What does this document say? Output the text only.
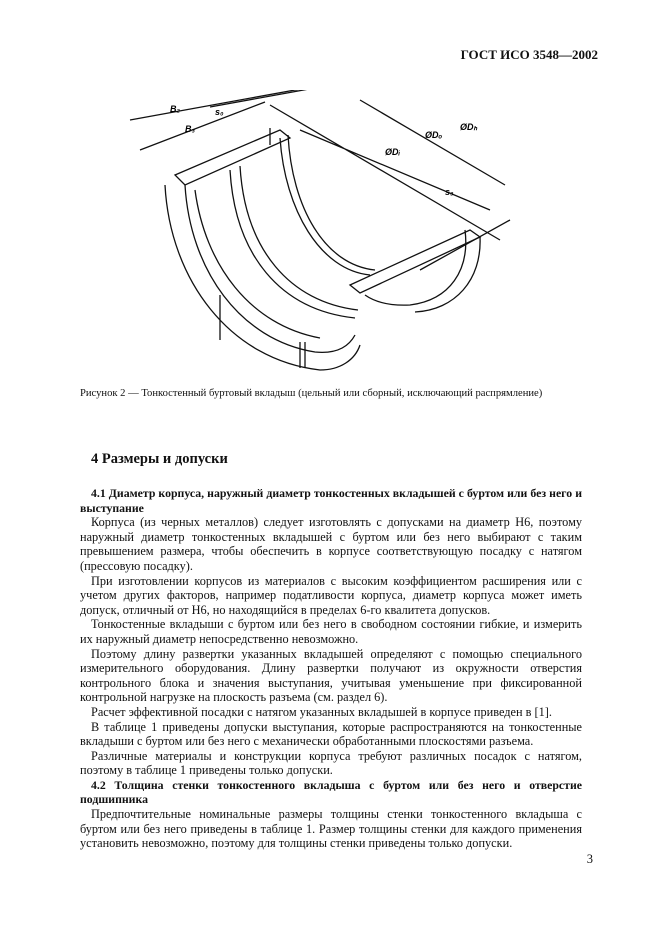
ГОСТ ИСО 3548—2002
B₂	s₀
B₃
ØDᵢ
ØDₒ
ØDₕ
s₃
Рисунок 2 — Тонкостенный буртовый вкладыш (цельный или сборный, исключающий распрямление)
4 Размеры и допуски

4.1 Диаметр корпуса, наружный диаметр тонкостенных вкладышей с буртом или без него и выступание

Корпуса (из черных металлов) следует изготовлять с допусками на диаметр H6, поэтому наружный диаметр тонкостенных вкладышей с буртом или без него выбирают с таким превышением размера, чтобы обеспечить в корпусе соответствующую посадку с натягом (прессовую посадку).

При изготовлении корпусов из материалов с высоким коэффициентом расширения или с учетом других факторов, например податливости корпуса, диаметр корпуса может иметь допуск, отличный от H6, но находящийся в пределах 6-го квалитета допусков.

Тонкостенные вкладыши с буртом или без него в свободном состоянии гибкие, и измерить их наружный диаметр непосредственно невозможно.

Поэтому длину развертки указанных вкладышей определяют с помощью специального измерительного оборудования. Длину развертки получают из окружности отверстия контрольного блока и значения выступания, учитывая уменьшение при фиксированной контрольной нагрузке на плоскость разъема (см. раздел 6).

Расчет эффективной посадки с натягом указанных вкладышей в корпусе приведен в [1].

В таблице 1 приведены допуски выступания, которые распространяются на тонкостенные вкладыши с буртом или без него с механически обработанными плоскостями разъема.

Различные материалы и конструкции корпуса требуют различных посадок с натягом, поэтому в таблице 1 приведены только допуски.

4.2 Толщина стенки тонкостенного вкладыша с буртом или без него и отверстие подшипника

Предпочтительные номинальные размеры толщины стенки тонкостенного вкладыша с буртом или без него приведены в таблице 1. Размер толщины стенки для каждого применения установить невозможно, поэтому для толщины стенки приведены только допуски.

3
